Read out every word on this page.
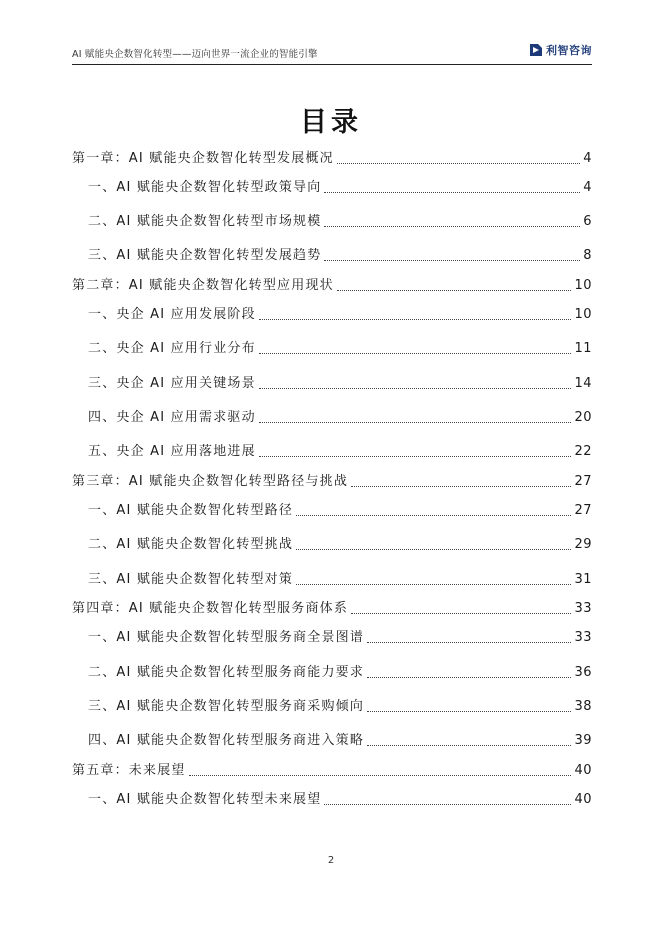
AI 赋能央企数智化转型——迈向世界一流企业的智能引擎	利智咨询
目录
第一章：AI 赋能央企数智化转型发展概况	4
一、AI 赋能央企数智化转型政策导向	4
二、AI 赋能央企数智化转型市场规模	6
三、AI 赋能央企数智化转型发展趋势	8
第二章：AI 赋能央企数智化转型应用现状	10
一、央企 AI 应用发展阶段	10
二、央企 AI 应用行业分布	11
三、央企 AI 应用关键场景	14
四、央企 AI 应用需求驱动	20
五、央企 AI 应用落地进展	22
第三章：AI 赋能央企数智化转型路径与挑战	27
一、AI 赋能央企数智化转型路径	27
二、AI 赋能央企数智化转型挑战	29
三、AI 赋能央企数智化转型对策	31
第四章：AI 赋能央企数智化转型服务商体系	33
一、AI 赋能央企数智化转型服务商全景图谱	33
二、AI 赋能央企数智化转型服务商能力要求	36
三、AI 赋能央企数智化转型服务商采购倾向	38
四、AI 赋能央企数智化转型服务商进入策略	39
第五章：未来展望	40
一、AI 赋能央企数智化转型未来展望	40
2
